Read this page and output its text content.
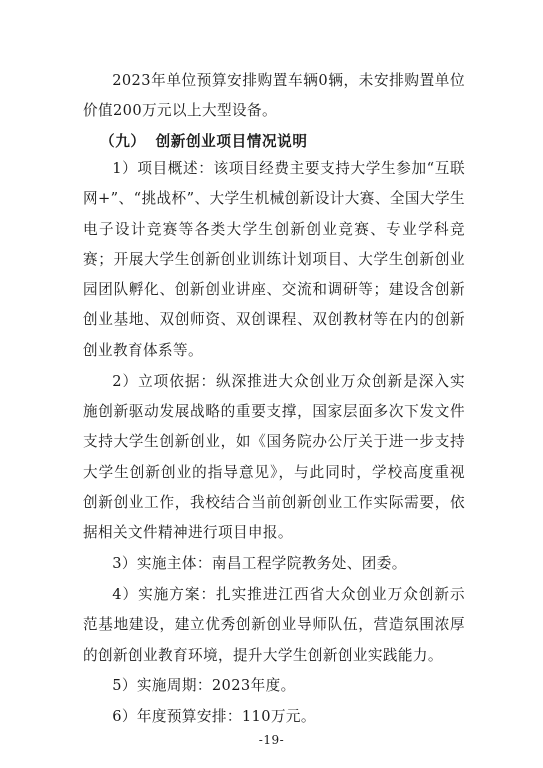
2023年单位预算安排购置车辆0辆，未安排购置单位价值200万元以上大型设备。

（九） 创新创业项目情况说明

1）项目概述：该项目经费主要支持大学生参加“互联网+”、“挑战杯”、大学生机械创新设计大赛、全国大学生电子设计竞赛等各类大学生创新创业竞赛、专业学科竞赛；开展大学生创新创业训练计划项目、大学生创新创业园团队孵化、创新创业讲座、交流和调研等；建设含创新创业基地、双创师资、双创课程、双创教材等在内的创新创业教育体系等。

2）立项依据：纵深推进大众创业万众创新是深入实施创新驱动发展战略的重要支撑，国家层面多次下发文件支持大学生创新创业，如《国务院办公厅关于进一步支持大学生创新创业的指导意见》，与此同时，学校高度重视创新创业工作，我校结合当前创新创业工作实际需要，依据相关文件精神进行项目申报。

3）实施主体：南昌工程学院教务处、团委。

4）实施方案：扎实推进江西省大众创业万众创新示范基地建设，建立优秀创新创业导师队伍，营造氛围浓厚的创新创业教育环境，提升大学生创新创业实践能力。

5）实施周期：2023年度。

6）年度预算安排：110万元。

-19-
